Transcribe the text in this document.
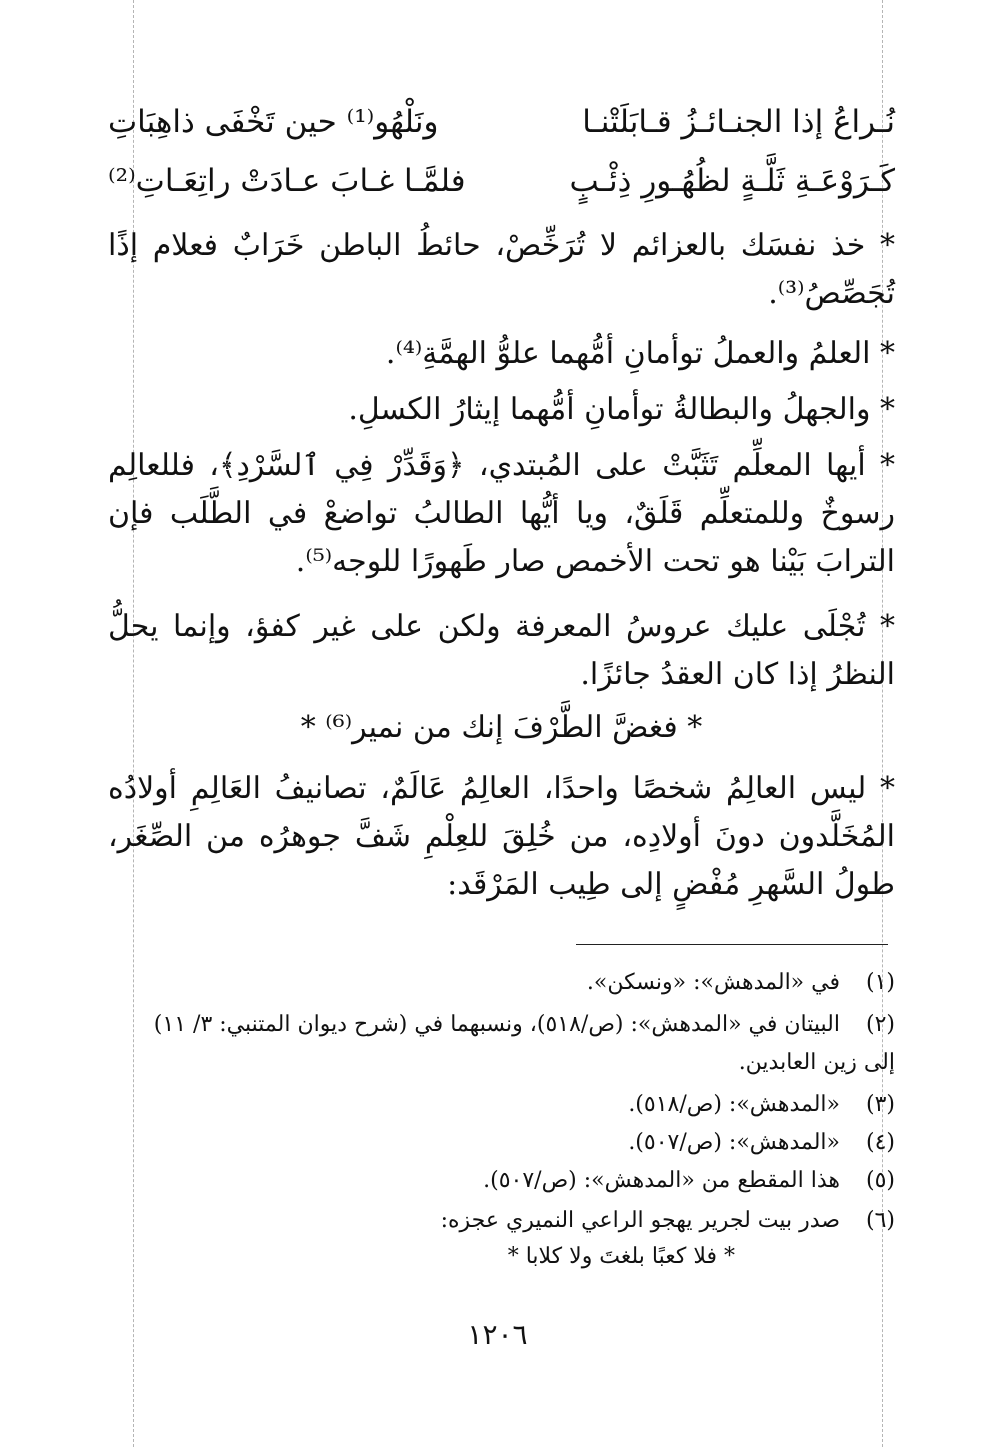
نُـراعُ إذا الجنـائـزُ قـابَلَتْنـا
ونَلْهُو⁽¹⁾ حين تَخْفَى ذاهِبَاتِ
كَـرَوْعَـةِ ثَلَّـةٍ لظُهُـورِ ذِئْـبٍ
فلمَّـا غـابَ عـادَتْ راتِعَـاتِ⁽²⁾
* خذ نفسَك بالعزائم لا تُرَخِّصْ، حائطُ الباطن خَرَابٌ فعلام إذًا تُجَصِّصُ⁽³⁾.
* العلمُ والعملُ توأمانِ أمُّهما علوُّ الهمَّةِ⁽⁴⁾.
* والجهلُ والبطالةُ توأمانِ أمُّهما إيثارُ الكسلِ.
* أيها المعلِّم تَثَبَّتْ على المُبتدي، ﴿وَقَدِّرْ فِي ٱلسَّرْدِ﴾، فللعالِم رسوخٌ وللمتعلِّم قَلَقٌ، ويا أيُّها الطالبُ تواضعْ في الطَّلَب فإن الترابَ بَيْنا هو تحت الأخمص صار طَهورًا للوجه⁽⁵⁾.
* تُجْلَى عليك عروسُ المعرفة ولكن على غير كفؤ، وإنما يحلُّ النظرُ إذا كان العقدُ جائزًا.
* فغضَّ الطَّرْفَ إنك من نمير⁽⁶⁾ *
* ليس العالِمُ شخصًا واحدًا، العالِمُ عَالَمٌ، تصانيفُ العَالِمِ أولادُه المُخَلَّدون دونَ أولادِه، من خُلِقَ للعِلْمِ شَفَّ جوهرُه من الصِّغَر، طولُ السَّهرِ مُفْضٍ إلى طِيب المَرْقَد:
(١)
في «المدهش»: «ونسكن».
(٢)
البيتان في «المدهش»: (ص/٥١٨)، ونسبهما في (شرح ديوان المتنبي: ٣/ ١١)
إلى زين العابدين.
(٣)
«المدهش»: (ص/٥١٨).
(٤)
«المدهش»: (ص/٥٠٧).
(٥)
هذا المقطع من «المدهش»: (ص/٥٠٧).
(٦)
صدر بيت لجرير يهجو الراعي النميري عجزه:
* فلا كعبًا بلغتَ ولا كلابا *
١٢٠٦
